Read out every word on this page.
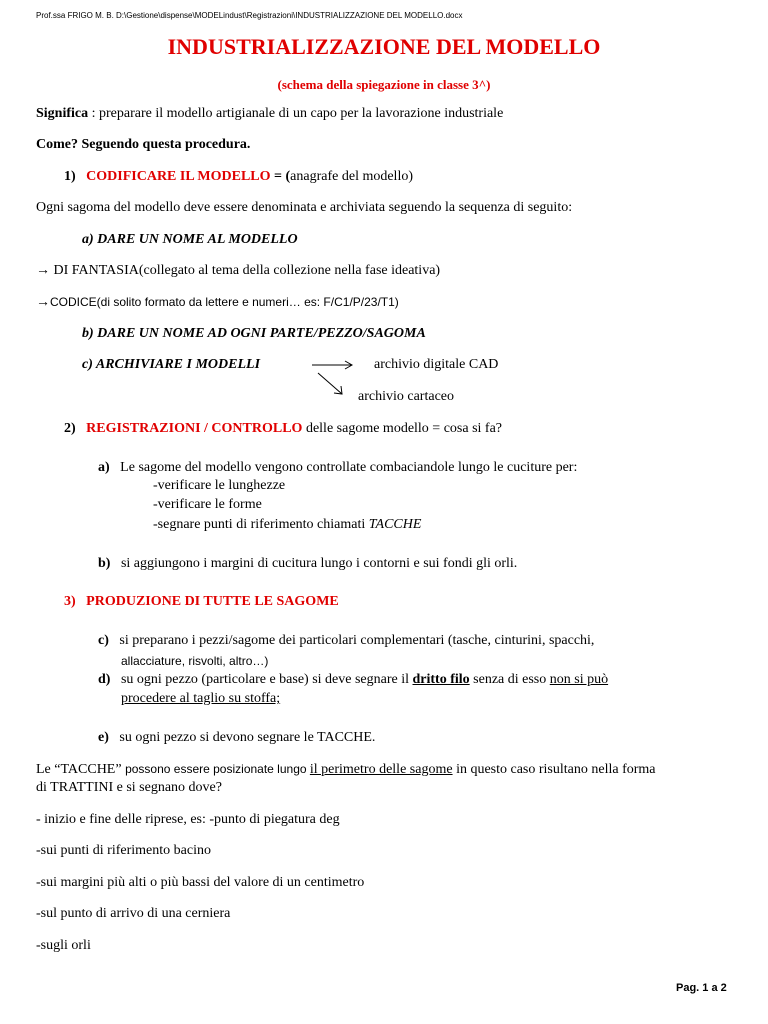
Prof.ssa FRIGO M. B. D:\Gestione\dispense\MODELindust\Registrazioni\INDUSTRIALIZZAZIONE DEL MODELLO.docx
INDUSTRIALIZZAZIONE DEL MODELLO
(schema della spiegazione in classe 3^)
Significa : preparare il modello artigianale di un capo per la lavorazione industriale
Come? Seguendo questa procedura.
1) CODIFICARE IL MODELLO = (anagrafe del modello)
Ogni sagoma del modello deve essere denominata e archiviata seguendo la sequenza di seguito:
a) DARE UN NOME AL MODELLO
→ DI FANTASIA(collegato al tema della collezione nella fase ideativa)
→CODICE(di solito formato da lettere e numeri… es: F/C1/P/23/T1)
b) DARE UN NOME AD OGNI PARTE/PEZZO/SAGOMA
c) ARCHIVIARE I MODELLI	archivio digitale CAD
archivio cartaceo
2) REGISTRAZIONI / CONTROLLO delle sagome modello = cosa si fa?
a) Le sagome del modello vengono controllate combaciandole lungo le cuciture per:
-verificare le lunghezze
-verificare le forme
-segnare punti di riferimento chiamati TACCHE
b) si aggiungono i margini di cucitura lungo i contorni e sui fondi gli orli.
3) PRODUZIONE DI TUTTE LE SAGOME
c) si preparano i pezzi/sagome dei particolari complementari (tasche, cinturini, spacchi,
allacciature, risvolti, altro…)
d) su ogni pezzo (particolare e base) si deve segnare il dritto filo senza di esso non si può
procedere al taglio su stoffa;
e) su ogni pezzo si devono segnare le TACCHE.
Le “TACCHE” possono essere posizionate lungo il perimetro delle sagome in questo caso risultano nella forma
di TRATTINI e si segnano dove?
- inizio e fine delle riprese, es: -punto di piegatura deg
-sui punti di riferimento bacino
-sui margini più alti o più bassi del valore di un centimetro
-sul punto di arrivo di una cerniera
-sugli orli
Pag. 1 a 2
